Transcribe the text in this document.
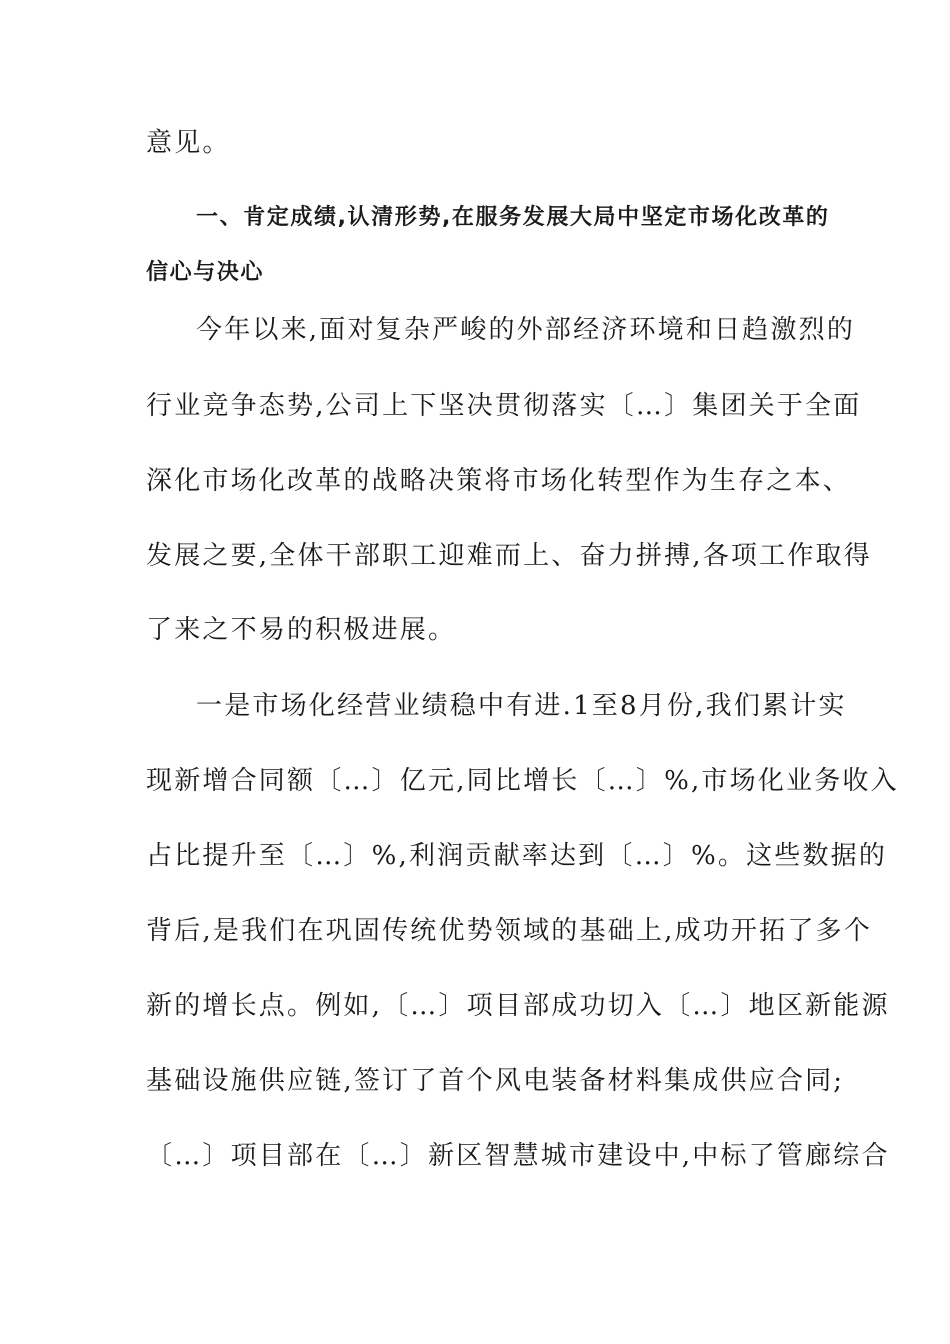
意见。
一、肯定成绩,认清形势,在服务发展大局中坚定市场化改革的
信心与决心
今年以来,面对复杂严峻的外部经济环境和日趋激烈的
行业竞争态势,公司上下坚决贯彻落实〔…〕集团关于全面
深化市场化改革的战略决策将市场化转型作为生存之本、
发展之要,全体干部职工迎难而上、奋力拼搏,各项工作取得
了来之不易的积极进展。
一是市场化经营业绩稳中有进.1至8月份,我们累计实
现新增合同额〔…〕亿元,同比增长〔…〕%,市场化业务收入
占比提升至〔…〕%,利润贡献率达到〔…〕%。这些数据的
背后,是我们在巩固传统优势领域的基础上,成功开拓了多个
新的增长点。例如,〔…〕项目部成功切入〔…〕地区新能源
基础设施供应链,签订了首个风电装备材料集成供应合同;
〔…〕项目部在〔…〕新区智慧城市建设中,中标了管廊综合
